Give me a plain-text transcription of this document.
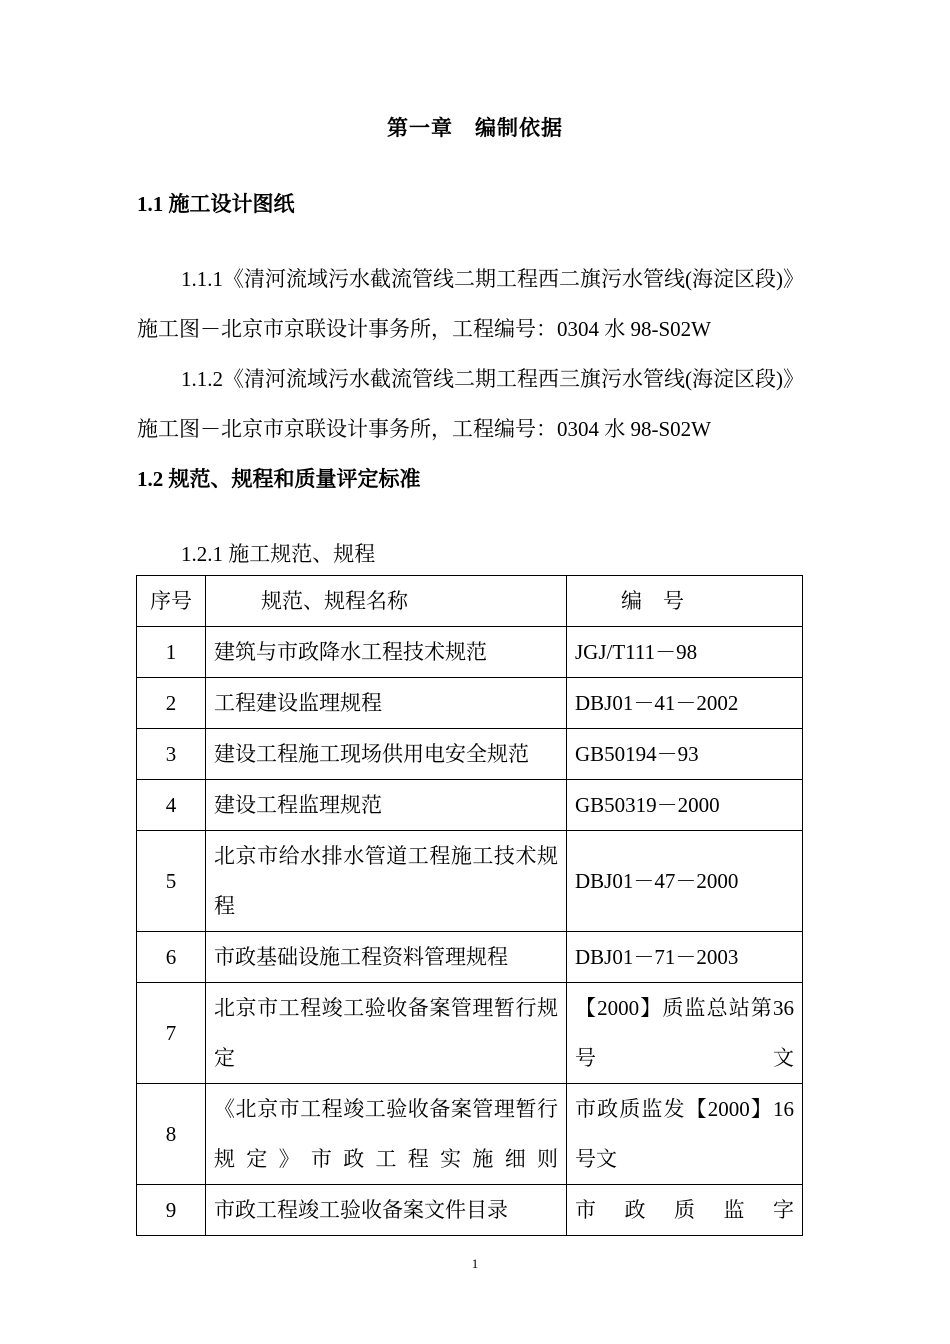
第一章　编制依据
1.1 施工设计图纸
1.1.1《清河流域污水截流管线二期工程西二旗污水管线(海淀区段)》
施工图－北京市京联设计事务所，工程编号：0304 水 98-S02W
1.1.2《清河流域污水截流管线二期工程西三旗污水管线(海淀区段)》
施工图－北京市京联设计事务所，工程编号：0304 水 98-S02W
1.2 规范、规程和质量评定标准
1.2.1 施工规范、规程
序号	规范、规程名称	编　号
1	建筑与市政降水工程技术规范	JGJ/T111－98
2	工程建设监理规程	DBJ01－41－2002
3	建设工程施工现场供用电安全规范	GB50194－93
4	建设工程监理规范	GB50319－2000
5	北京市给水排水管道工程施工技术规程	DBJ01－47－2000
6	市政基础设施工程资料管理规程	DBJ01－71－2003
7	北京市工程竣工验收备案管理暂行规定	【2000】质监总站第36号文
8	《北京市工程竣工验收备案管理暂行规定》市政工程实施细则	市政质监发【2000】16号文
9	市政工程竣工验收备案文件目录	市政质监字
1
